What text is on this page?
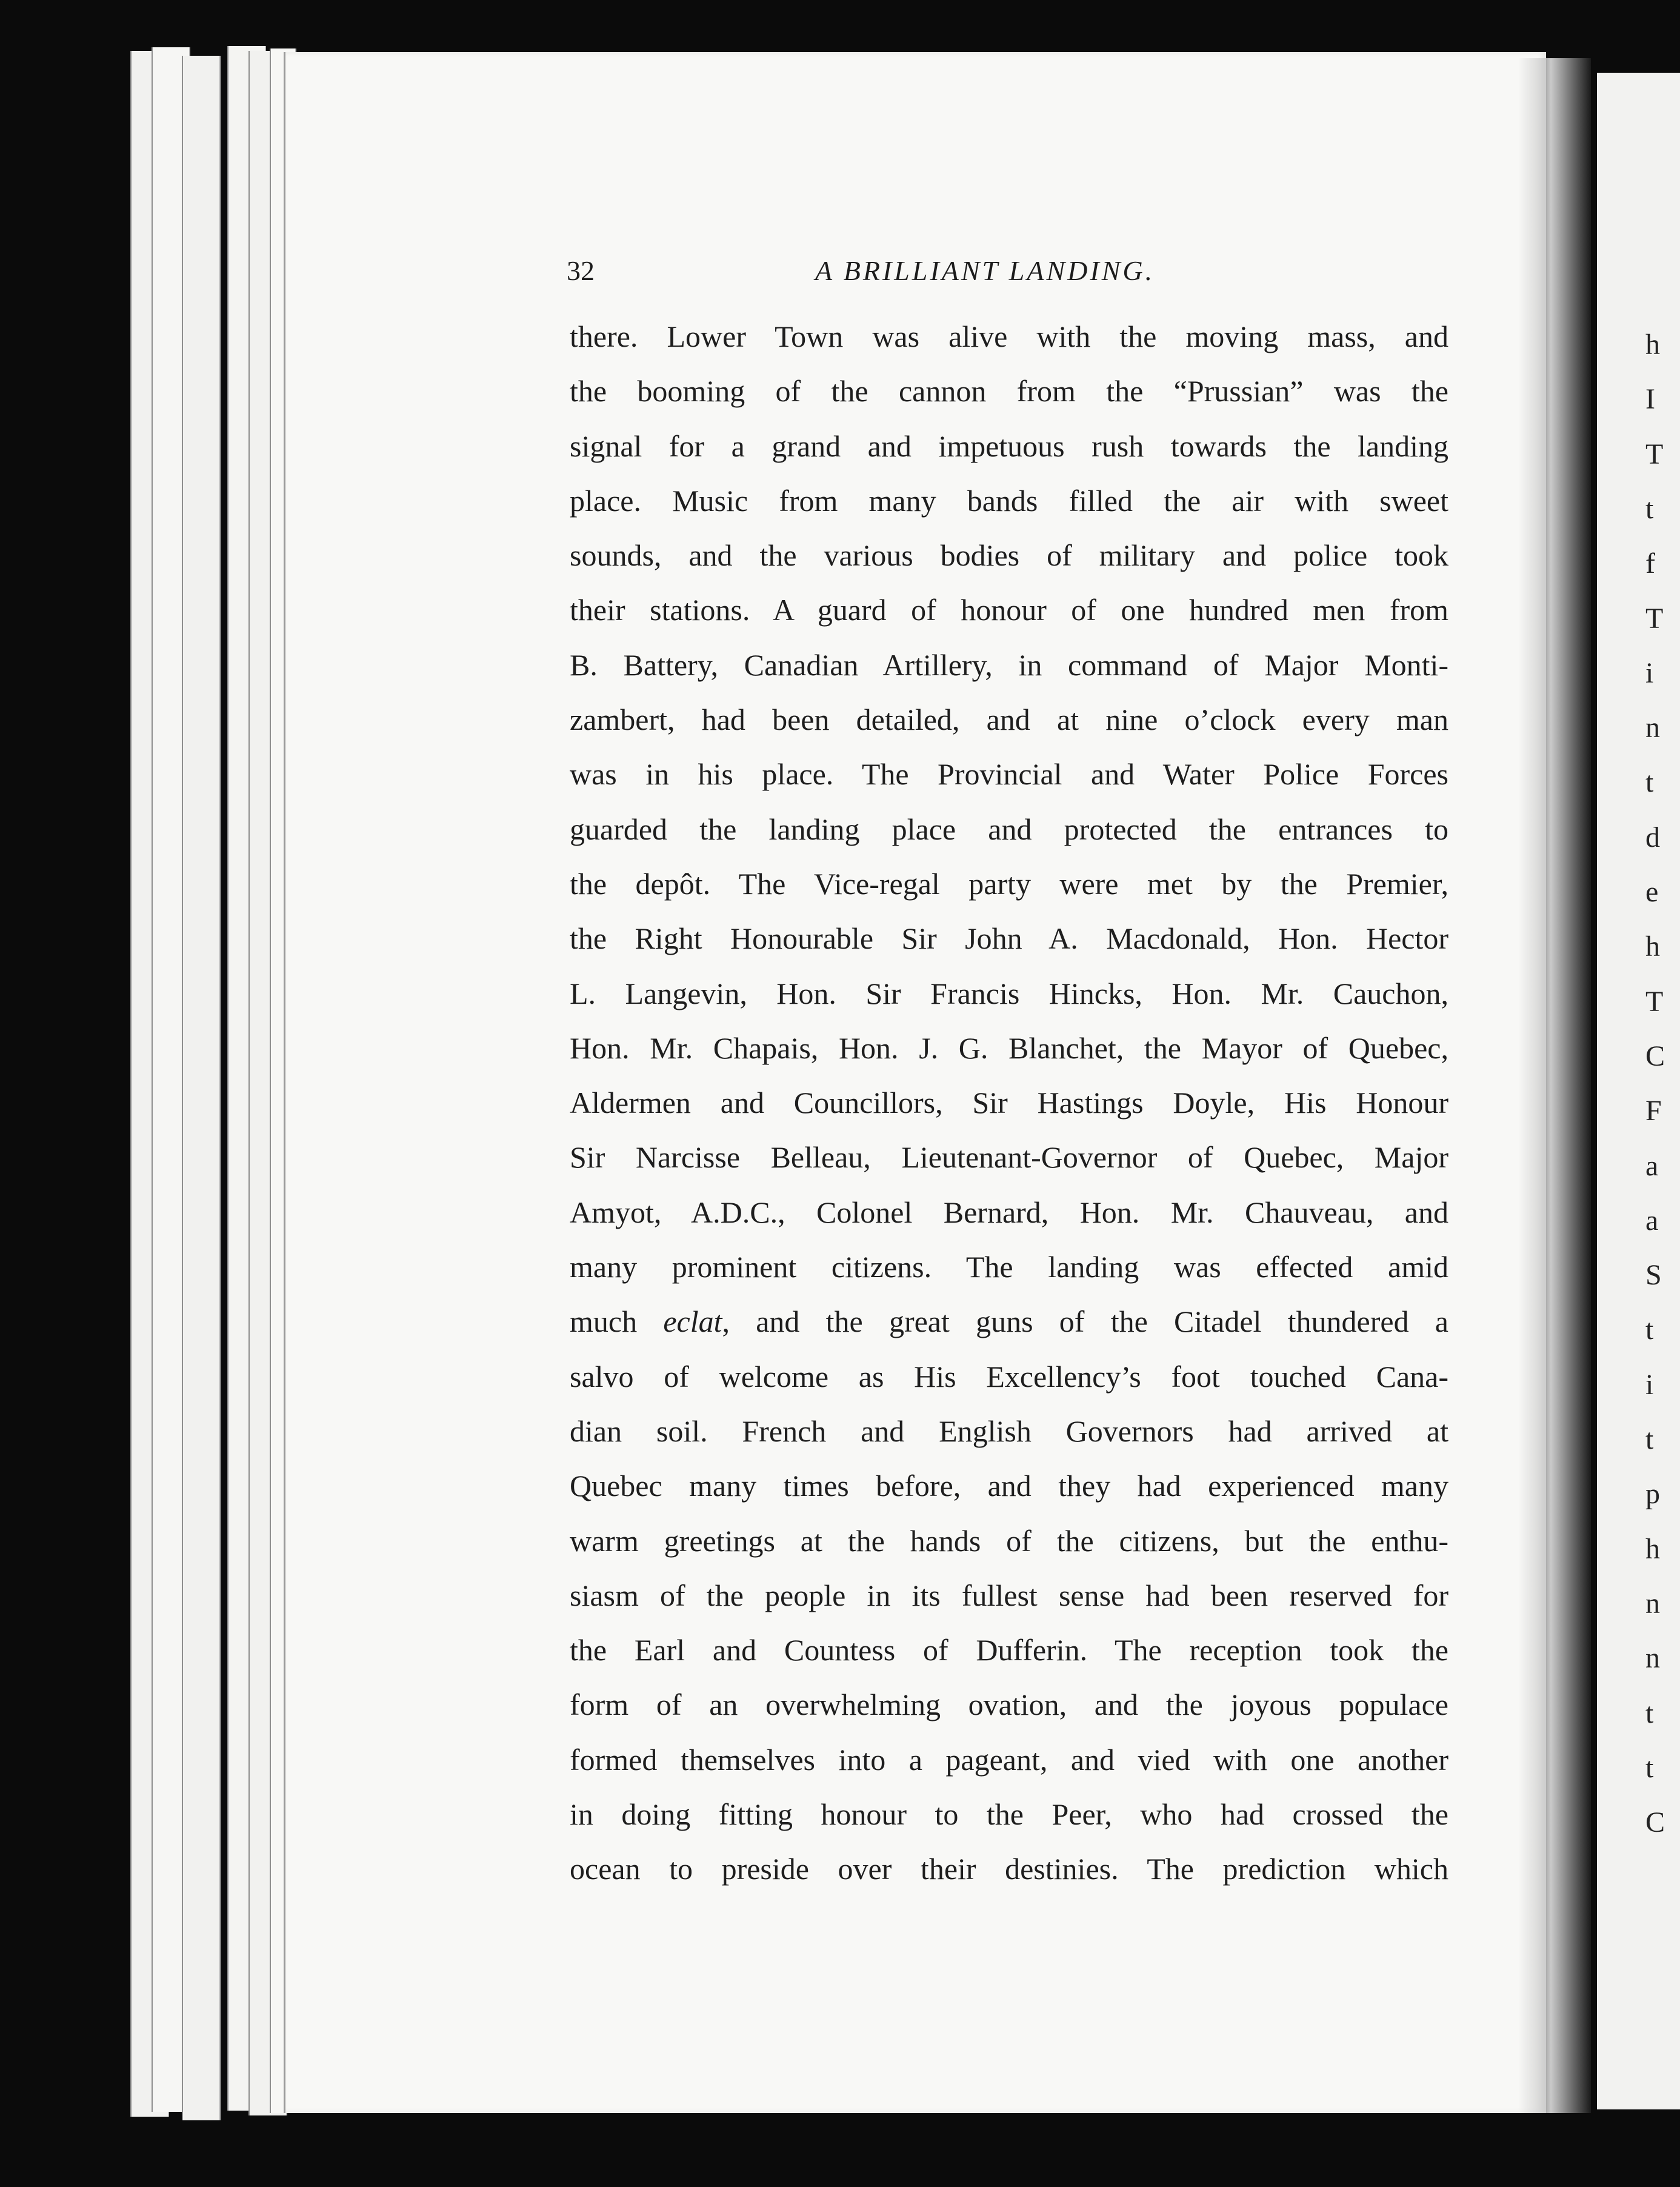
h
I
T
t
f
T
i
n
t
d
e
h
T
C
F
a
a
S
t
i
t
p
h
n
n
t
t
C
32	A BRILLIANT LANDING.
there. Lower Town was alive with the moving mass, and
the booming of the cannon from the “Prussian” was the
signal for a grand and impetuous rush towards the landing
place. Music from many bands filled the air with sweet
sounds, and the various bodies of military and police took
their stations. A guard of honour of one hundred men from
B. Battery, Canadian Artillery, in command of Major Monti-
zambert, had been detailed, and at nine o’clock every man
was in his place. The Provincial and Water Police Forces
guarded the landing place and protected the entrances to
the depôt. The Vice-regal party were met by the Premier,
the Right Honourable Sir John A. Macdonald, Hon. Hector
L. Langevin, Hon. Sir Francis Hincks, Hon. Mr. Cauchon,
Hon. Mr. Chapais, Hon. J. G. Blanchet, the Mayor of Quebec,
Aldermen and Councillors, Sir Hastings Doyle, His Honour
Sir Narcisse Belleau, Lieutenant-Governor of Quebec, Major
Amyot, A.D.C., Colonel Bernard, Hon. Mr. Chauveau, and
many prominent citizens. The landing was effected amid
much eclat, and the great guns of the Citadel thundered a
salvo of welcome as His Excellency’s foot touched Cana-
dian soil. French and English Governors had arrived at
Quebec many times before, and they had experienced many
warm greetings at the hands of the citizens, but the enthu-
siasm of the people in its fullest sense had been reserved for
the Earl and Countess of Dufferin. The reception took the
form of an overwhelming ovation, and the joyous populace
formed themselves into a pageant, and vied with one another
in doing fitting honour to the Peer, who had crossed the
ocean to preside over their destinies. The prediction which
